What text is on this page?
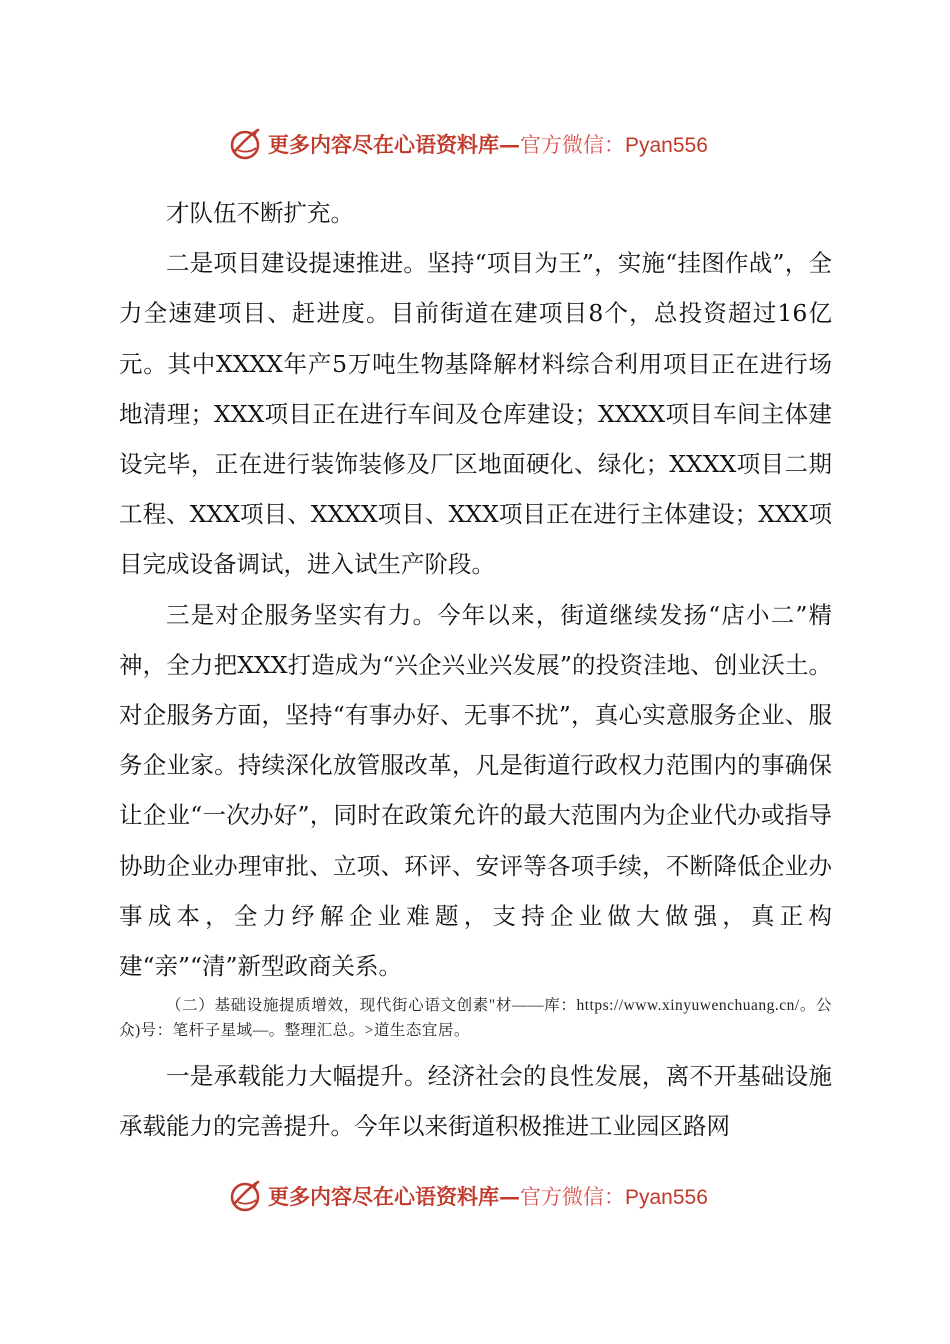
更多内容尽在心语资料库—官方微信：Pyan556

才队伍不断扩充。

二是项目建设提速推进。坚持“项目为王”，实施“挂图作战”，全力全速建项目、赶进度。目前街道在建项目8个，总投资超过16亿元。其中XXXX年产5万吨生物基降解材料综合利用项目正在进行场地清理；XXX项目正在进行车间及仓库建设；XXXX项目车间主体建设完毕，正在进行装饰装修及厂区地面硬化、绿化；XXXX项目二期工程、XXX项目、XXXX项目、XXX项目正在进行主体建设；XXX项目完成设备调试，进入试生产阶段。

三是对企服务坚实有力。今年以来，街道继续发扬“店小二”精神，全力把XXX打造成为“兴企兴业兴发展”的投资洼地、创业沃土。对企服务方面，坚持“有事办好、无事不扰”，真心实意服务企业、服务企业家。持续深化放管服改革，凡是街道行政权力范围内的事确保让企业“一次办好”，同时在政策允许的最大范围内为企业代办或指导协助企业办理审批、立项、环评、安评等各项手续，不断降低企业办事成本，全力纾解企业难题，支持企业做大做强，真正构建“亲”“清”新型政商关系。

（二）基础设施提质增效，现代街心语文创素"材——库：https://www.xinyuwenchuang.cn/。公众)号：笔杆子星域—。整理汇总。>道生态宜居。

一是承载能力大幅提升。经济社会的良性发展，离不开基础设施承载能力的完善提升。今年以来街道积极推进工业园区路网

更多内容尽在心语资料库—官方微信：Pyan556
